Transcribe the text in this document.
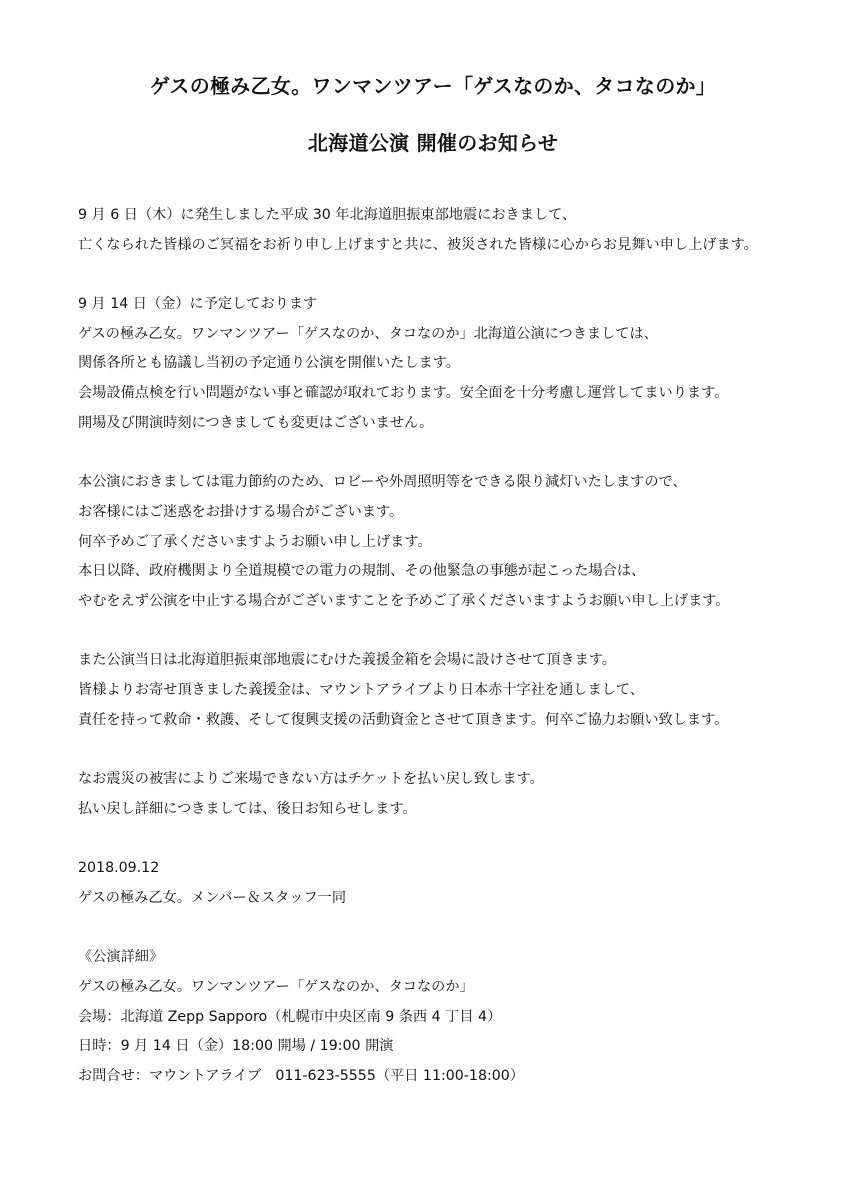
ゲスの極み乙女。ワンマンツアー「ゲスなのか、タコなのか」
北海道公演 開催のお知らせ
9 月 6 日（木）に発生しました平成 30 年北海道胆振東部地震におきまして、
亡くなられた皆様のご冥福をお祈り申し上げますと共に、被災された皆様に心からお見舞い申し上げます。
9 月 14 日（金）に予定しております
ゲスの極み乙女。ワンマンツアー「ゲスなのか、タコなのか」北海道公演につきましては、
関係各所とも協議し当初の予定通り公演を開催いたします。
会場設備点検を行い問題がない事と確認が取れております。安全面を十分考慮し運営してまいります。
開場及び開演時刻につきましても変更はございません。
本公演におきましては電力節約のため、ロビーや外周照明等をできる限り減灯いたしますので、
お客様にはご迷惑をお掛けする場合がございます。
何卒予めご了承くださいますようお願い申し上げます。
本日以降、政府機関より全道規模での電力の規制、その他緊急の事態が起こった場合は、
やむをえず公演を中止する場合がございますことを予めご了承くださいますようお願い申し上げます。
また公演当日は北海道胆振東部地震にむけた義援金箱を会場に設けさせて頂きます。
皆様よりお寄せ頂きました義援金は、マウントアライブより日本赤十字社を通しまして、
責任を持って救命・救護、そして復興支援の活動資金とさせて頂きます。何卒ご協力お願い致します。
なお震災の被害によりご来場できない方はチケットを払い戻し致します。
払い戻し詳細につきましては、後日お知らせします。
2018.09.12
ゲスの極み乙女。メンバー＆スタッフ一同
《公演詳細》
ゲスの極み乙女。ワンマンツアー「ゲスなのか、タコなのか」
会場：北海道 Zepp Sapporo（札幌市中央区南 9 条西 4 丁目 4）
日時：9 月 14 日（金）18:00 開場 / 19:00 開演
お問合せ：マウントアライブ　011-623-5555（平日 11:00-18:00）
